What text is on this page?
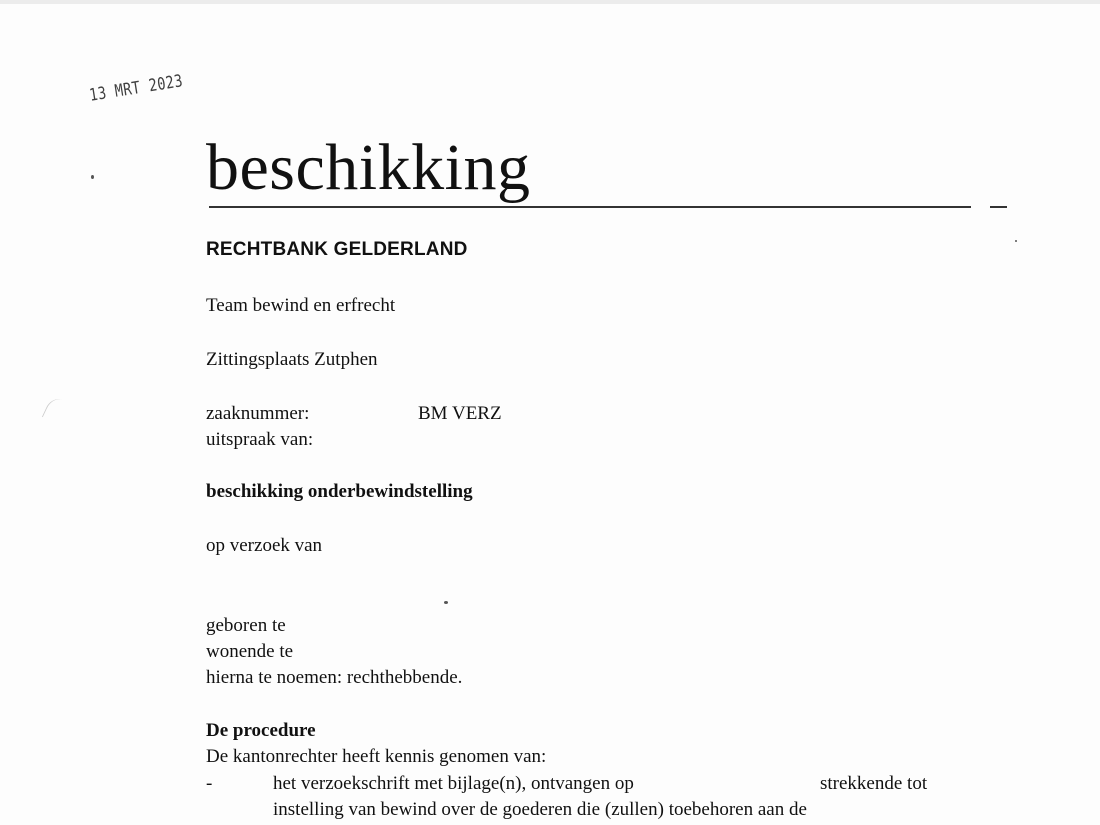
13 MRT 2023
beschikking
RECHTBANK GELDERLAND
Team bewind en erfrecht
Zittingsplaats Zutphen
zaaknummer:	BM VERZ
uitspraak van:
beschikking onderbewindstelling
op verzoek van
geboren te
wonende te
hierna te noemen: rechthebbende.
De procedure
De kantonrechter heeft kennis genomen van:
-	het verzoekschrift met bijlage(n), ontvangen op	strekkende tot
instelling van bewind over de goederen die (zullen) toebehoren aan de
